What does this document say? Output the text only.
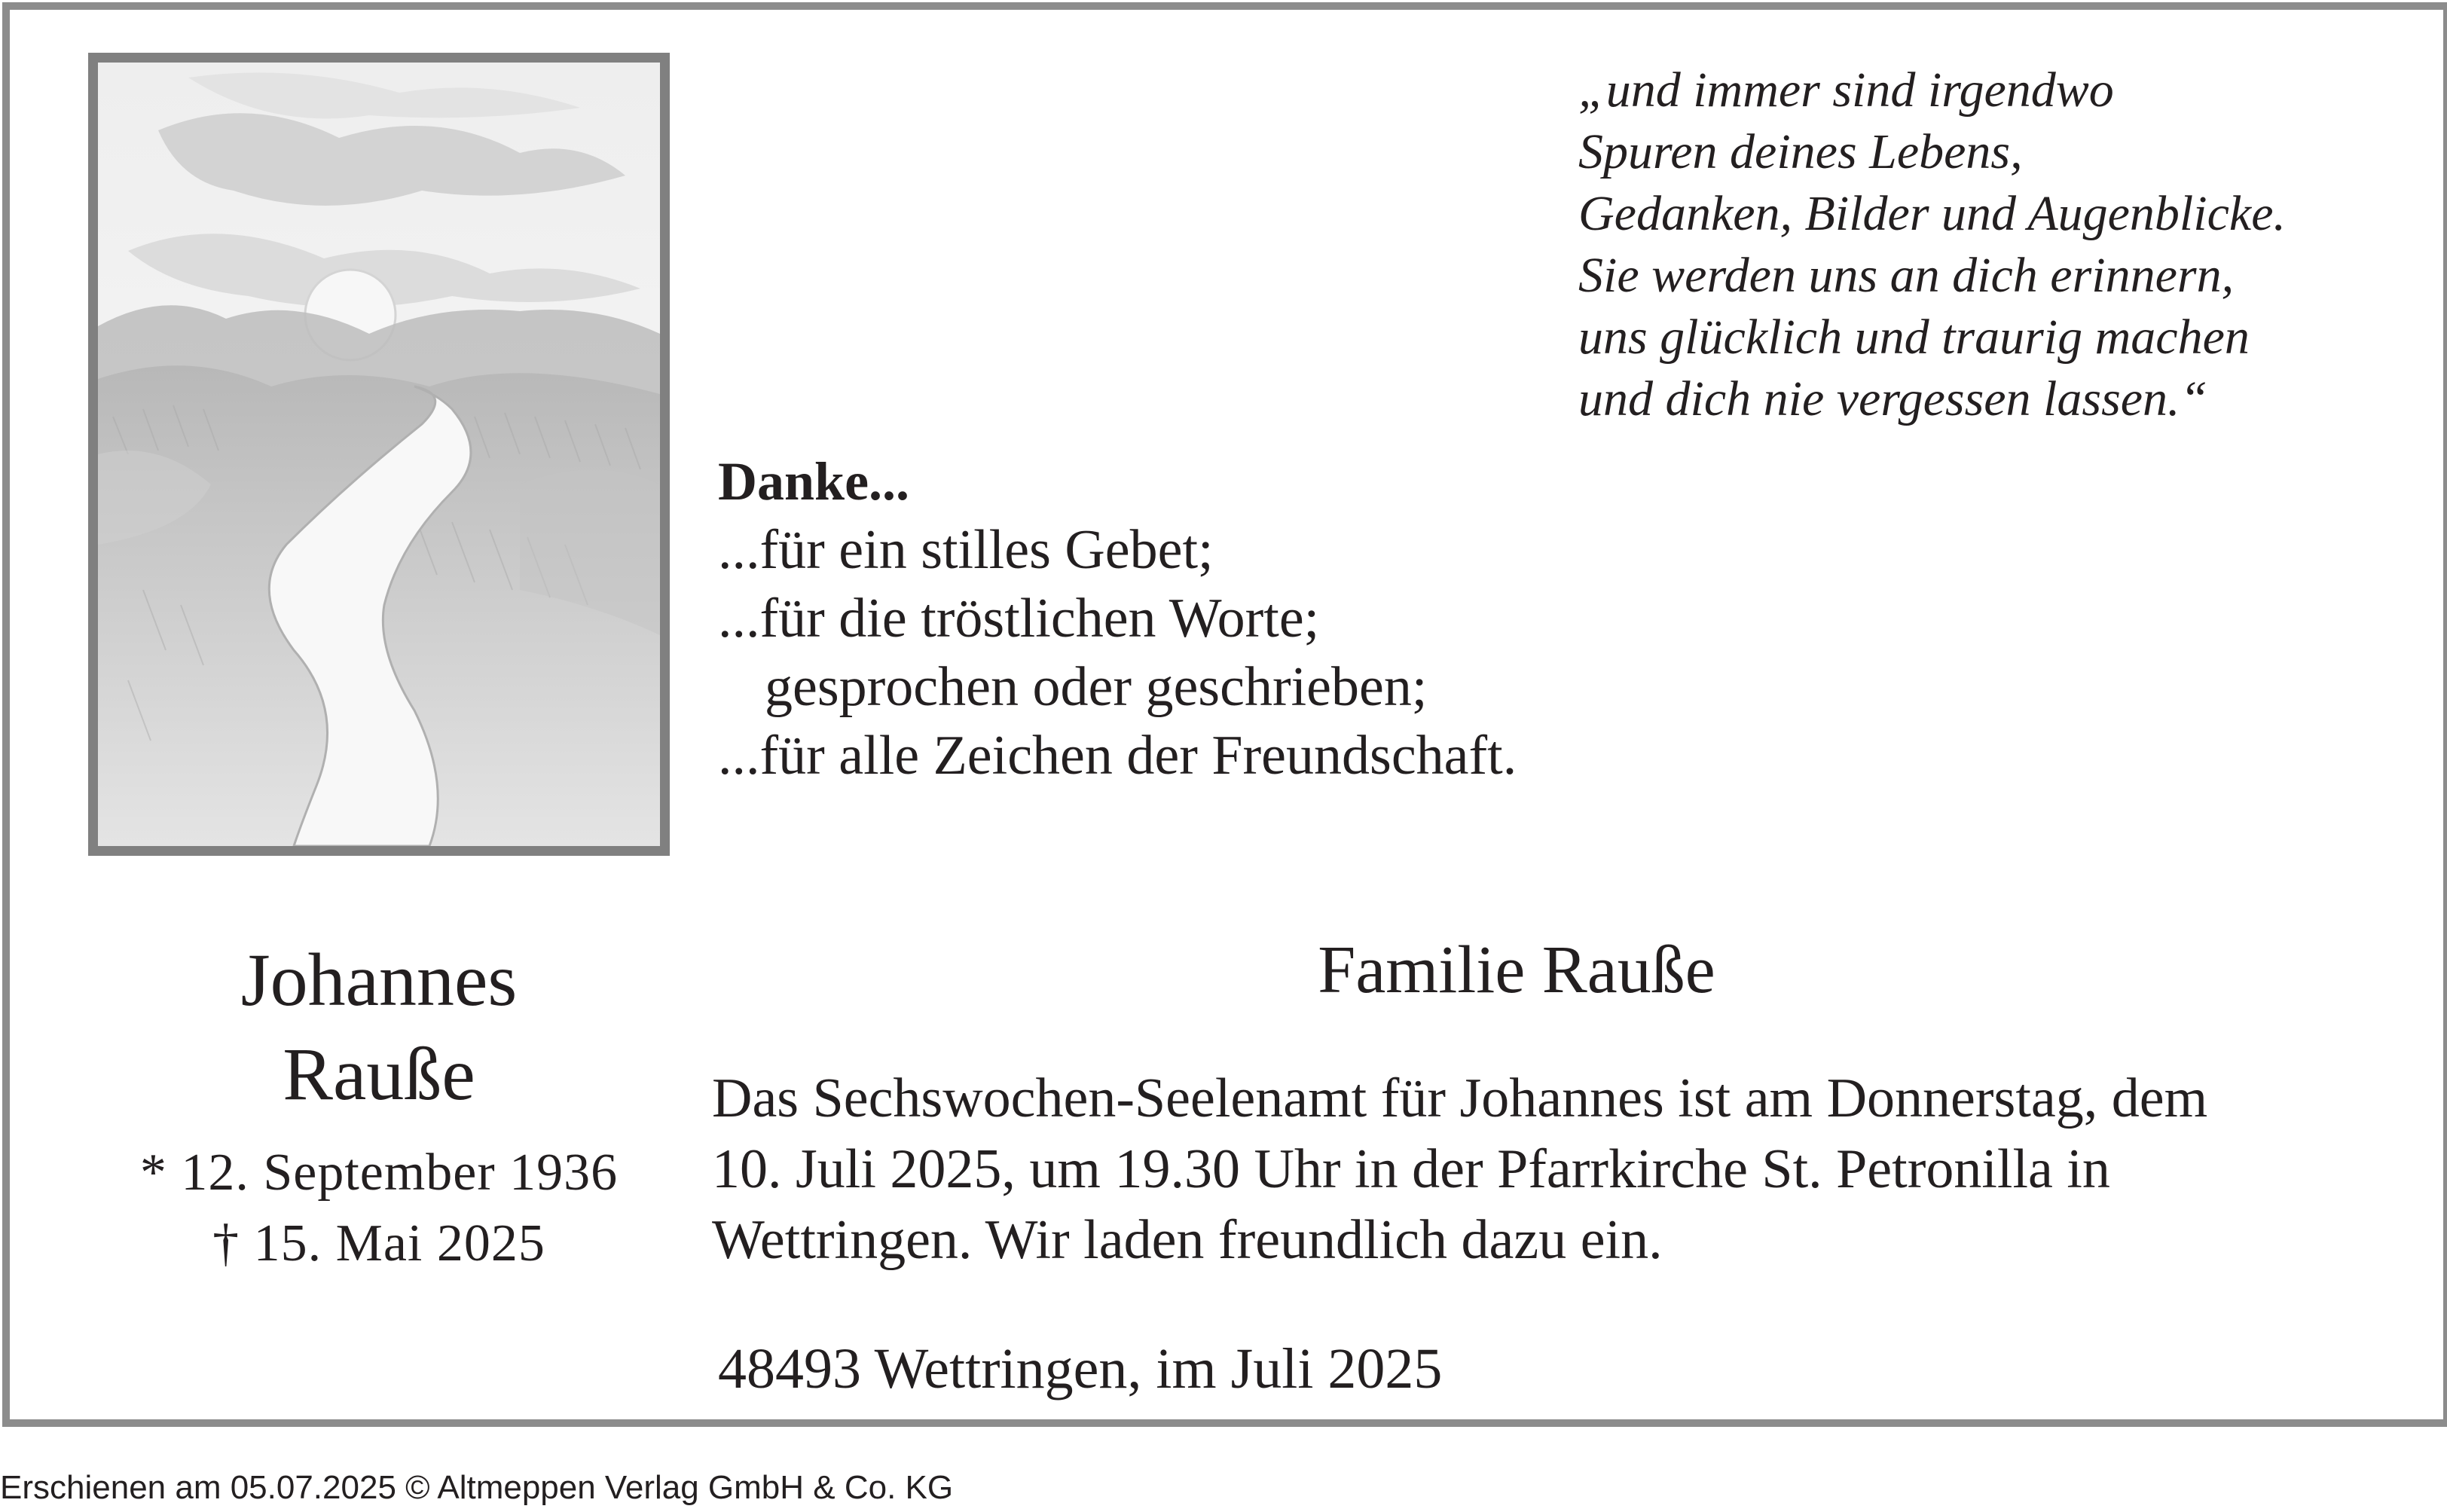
„und immer sind irgendwo
Spuren deines Lebens,
Gedanken, Bilder und Augenblicke.
Sie werden uns an dich erinnern,
uns glücklich und traurig machen
und dich nie vergessen lassen.“
Danke...
...für ein stilles Gebet;
...für die tröstlichen Worte;
gesprochen oder geschrieben;
...für alle Zeichen der Freundschaft.
Johannes
Rauße
* 12. September 1936
† 15. Mai 2025
Familie Rauße
Das Sechswochen-Seelenamt für Johannes ist am Donnerstag, dem
10. Juli 2025, um 19.30 Uhr in der Pfarrkirche St. Petronilla in
Wettringen. Wir laden freundlich dazu ein.
48493 Wettringen, im Juli 2025
Erschienen am 05.07.2025 © Altmeppen Verlag GmbH & Co. KG
